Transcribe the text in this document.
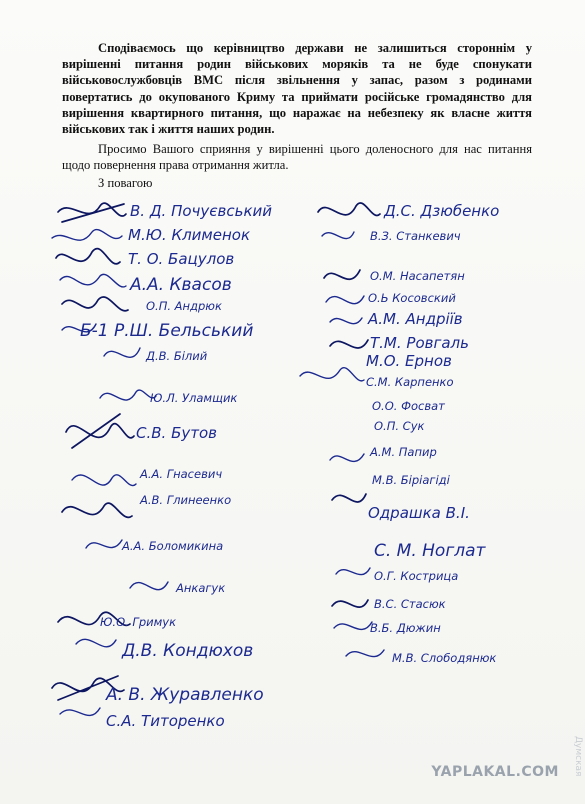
Сподіваємось що керівництво держави не залишиться стороннім у вирішенні питання родин військових моряків та не буде спонукати військовослужбовців ВМС після звільнення у запас, разом з родинами повертатись до окупованого Криму та приймати російське громадянство для вирішення квартирного питання, що наражає на небезпеку як власне життя військових так і життя наших родин.

Просимо Вашого сприяння у вирішенні цього доленосного для нас питання щодо повернення права отримання житла.

З повагою
В. Д. Почуєвський
М.Ю. Клименок
Т. О. Бацулов
А.А. Квасов
О.П. Андрюк
Б-1 Р.Ш. Бельський
Д.В. Білий
Ю.Л. Уламщик
С.В. Бутов
А.А. Гнасевич
А.В. Глинеенко
А.А. Боломикина
Анкагук
Ю.О. Гримук
Д.В. Кондюхов
А. В. Журавленко
С.А. Титоренко
Д.С. Дзюбенко
В.З. Станкевич
О.М. Насапетян
О.Ь Косовский
А.М. Андріїв
Т.М. Ровгаль
М.О. Ернов
С.М. Карпенко
О.О. Фосват
О.П. Сук
А.М. Папир
М.В. Біріагіді
Одрашка В.І.
С. М. Ноглат
О.Г. Кострица
В.С. Стасюк
В.Б. Дюжин
М.В. Слободянюк
YAPLAKAL.COM Думская
